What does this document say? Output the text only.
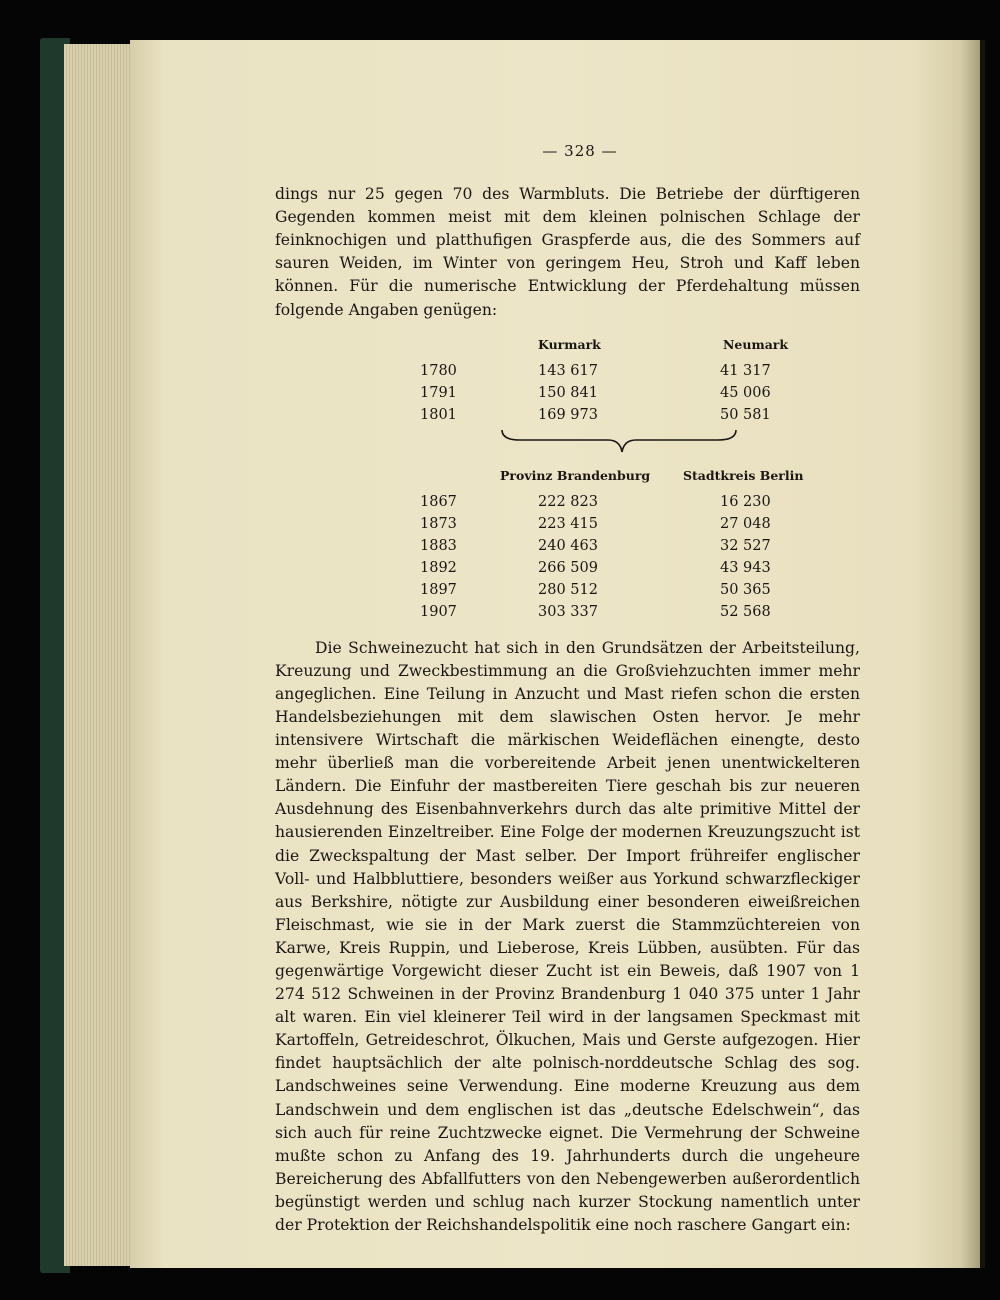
— 328 —

dings nur 25 gegen 70 des Warmbluts. Die Betriebe der dürftigeren Gegenden kommen meist mit dem kleinen polnischen Schlage der feinknochigen und platthufigen Graspferde aus, die des Sommers auf sauren Weiden, im Winter von geringem Heu, Stroh und Kaff leben können. Für die numerische Entwicklung der Pferdehaltung müssen folgende Angaben genügen:

	Kurmark	Neumark
1780	143 617	41 317
1791	150 841	45 006
1801	169 973	50 581

	Provinz Brandenburg	Stadtkreis Berlin
1867	222 823	16 230
1873	223 415	27 048
1883	240 463	32 527
1892	266 509	43 943
1897	280 512	50 365
1907	303 337	52 568

Die Schweinezucht hat sich in den Grundsätzen der Arbeitsteilung, Kreuzung und Zweckbestimmung an die Großviehzuchten immer mehr angeglichen. Eine Teilung in Anzucht und Mast riefen schon die ersten Handelsbeziehungen mit dem slawischen Osten hervor. Je mehr intensivere Wirtschaft die märkischen Weideflächen einengte, desto mehr überließ man die vorbereitende Arbeit jenen unentwickelteren Ländern. Die Einfuhr der mastbereiten Tiere geschah bis zur neueren Ausdehnung des Eisenbahnverkehrs durch das alte primitive Mittel der hausierenden Einzeltreiber. Eine Folge der modernen Kreuzungszucht ist die Zweckspaltung der Mast selber. Der Import frühreifer englischer Voll- und Halbbluttiere, besonders weißer aus Yorkund schwarzfleckiger aus Berkshire, nötigte zur Ausbildung einer besonderen eiweißreichen Fleischmast, wie sie in der Mark zuerst die Stammzüchtereien von Karwe, Kreis Ruppin, und Lieberose, Kreis Lübben, ausübten. Für das gegenwärtige Vorgewicht dieser Zucht ist ein Beweis, daß 1907 von 1 274 512 Schweinen in der Provinz Brandenburg 1 040 375 unter 1 Jahr alt waren. Ein viel kleinerer Teil wird in der langsamen Speckmast mit Kartoffeln, Getreideschrot, Ölkuchen, Mais und Gerste aufgezogen. Hier findet hauptsächlich der alte polnisch-norddeutsche Schlag des sog. Landschweines seine Verwendung. Eine moderne Kreuzung aus dem Landschwein und dem englischen ist das „deutsche Edelschwein“, das sich auch für reine Zuchtzwecke eignet. Die Vermehrung der Schweine mußte schon zu Anfang des 19. Jahrhunderts durch die ungeheure Bereicherung des Abfallfutters von den Nebengewerben außerordentlich begünstigt werden und schlug nach kurzer Stockung namentlich unter der Protektion der Reichshandelspolitik eine noch raschere Gangart ein:
